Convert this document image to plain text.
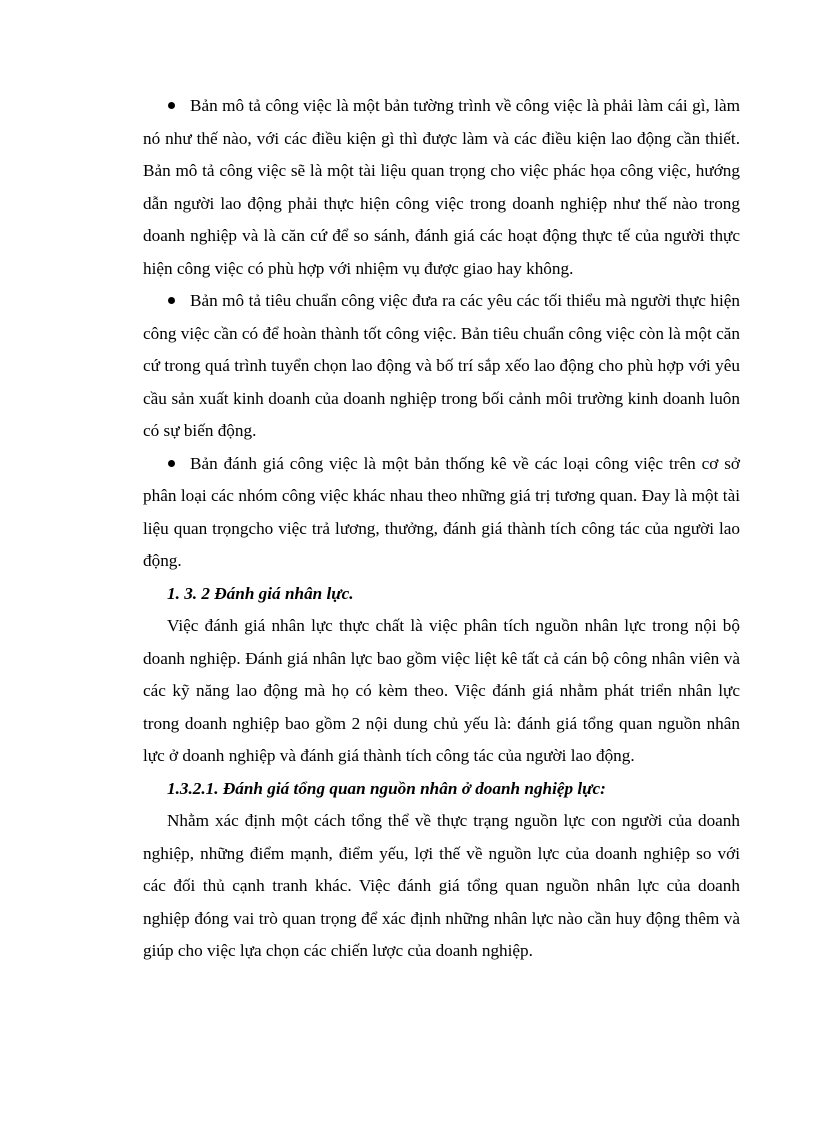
Bản mô tả công việc là một bản tường trình về công việc là phải làm cái gì, làm nó như thế nào, với các điều kiện gì thì được làm và các điều kiện lao động cần thiết. Bản mô tả công việc sẽ là một tài liệu quan trọng cho việc phác họa công việc, hướng dẫn người lao động phải thực hiện công việc trong doanh nghiệp như thế nào trong doanh nghiệp và là căn cứ để so sánh, đánh giá các hoạt động thực tế của người thực hiện công việc có phù hợp với nhiệm vụ được giao hay không.

Bản mô tả tiêu chuẩn công việc đưa ra các yêu các tối thiểu mà người thực hiện công việc cần có để hoàn thành tốt công việc. Bản tiêu chuẩn công việc còn là một căn cứ trong quá trình tuyển chọn lao động và bố trí sắp xếo lao động cho phù hợp với yêu cầu sản xuất kinh doanh của doanh nghiệp trong bối cảnh môi trường kinh doanh luôn có sự biến động.

Bản đánh giá công việc là một bản thống kê về các loại công việc trên cơ sở phân loại các nhóm công việc khác nhau theo những giá trị tương quan. Đay là một tài liệu quan trọngcho việc trả lương, thưởng, đánh giá thành tích công tác của người lao động.

1. 3. 2 Đánh giá nhân lực.

Việc đánh giá nhân lực thực chất là việc phân tích nguồn nhân lực trong nội bộ doanh nghiệp. Đánh giá nhân lực bao gồm việc liệt kê tất cả cán bộ công nhân viên và các kỹ năng lao động mà họ có kèm theo. Việc đánh giá nhằm phát triển nhân lực trong doanh nghiệp bao gồm 2 nội dung chủ yếu là: đánh giá tổng quan nguồn nhân lực ở doanh nghiệp và đánh giá thành tích công tác của người lao động.

1.3.2.1. Đánh giá tổng quan nguồn nhân ở doanh nghiệp lực:

Nhằm xác định một cách tổng thể về thực trạng nguồn lực con người của doanh nghiệp, những điểm mạnh, điểm yếu, lợi thế về nguồn lực của doanh nghiệp so với các đối thủ cạnh tranh khác. Việc đánh giá tổng quan nguồn nhân lực của doanh nghiệp đóng vai trò quan trọng để xác định những nhân lực nào cần huy động thêm và giúp cho việc lựa chọn các chiến lược của doanh nghiệp.
